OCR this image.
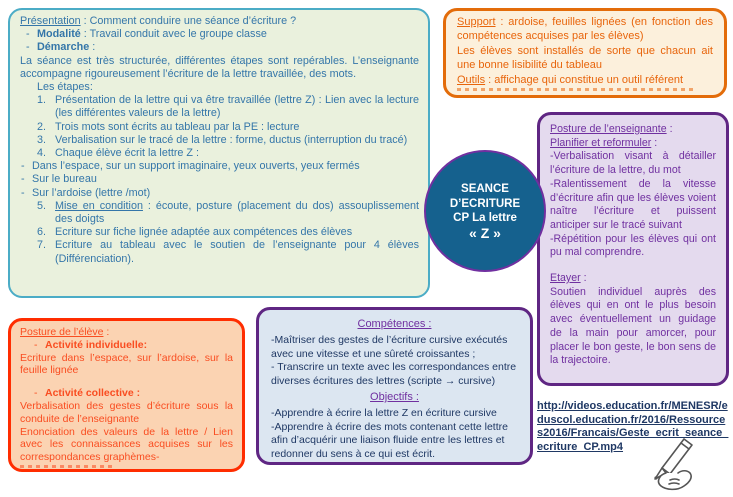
Présentation : Comment conduire une séance d’écriture ?
- Modalité : Travail conduit avec le groupe classe
- Démarche :
La séance est très structurée, différentes étapes sont repérables. L’enseignante accompagne rigoureusement l’écriture de la lettre travaillée, des mots.
Les étapes:
1. Présentation de la lettre qui va être travaillée (lettre Z) : Lien avec la lecture (les différentes valeurs de la lettre)
2. Trois mots sont écrits au tableau par la PE : lecture
3. Verbalisation sur le tracé de la lettre : forme, ductus (interruption du tracé)
4. Chaque élève écrit la lettre Z :
- Dans l’espace, sur un support imaginaire, yeux ouverts, yeux fermés
- Sur le bureau
- Sur l’ardoise (lettre /mot)
5. Mise en condition : écoute, posture (placement du dos) assouplissement des doigts
6. Ecriture sur fiche lignée adaptée aux compétences des élèves
7. Ecriture au tableau avec le soutien de l’enseignante pour 4 élèves (Différenciation).
Support : ardoise, feuilles lignées (en fonction des compétences acquises par les élèves)
Les élèves sont installés de sorte que chacun ait une bonne lisibilité du tableau
Outils : affichage qui constitue un outil référent
Posture de l’enseignante :
Planifier et reformuler :
-Verbalisation visant à détailler l’écriture de la lettre, du mot
-Ralentissement de la vitesse d’écriture afin que les élèves voient naître l’écriture et puissent anticiper sur le tracé suivant
-Répétition pour les élèves qui ont pu mal comprendre.
Etayer :
Soutien individuel auprès des élèves qui en ont le plus besoin avec éventuellement un guidage de la main pour amorcer, pour placer le bon geste, le bon sens de la trajectoire.
SEANCE
D’ECRITURE
CP La lettre
« Z »
Posture de l’élève :
- Activité individuelle:
Ecriture dans l’espace, sur l’ardoise, sur la feuille lignée
- Activité collective :
Verbalisation des gestes d’écriture sous la conduite de l’enseignante
Enonciation des valeurs de la lettre / Lien avec les connaissances acquises sur les correspondances graphèmes-
Compétences :
-Maîtriser des gestes de l’écriture cursive exécutés avec une vitesse et une sûreté croissantes ;
- Transcrire un texte avec les correspondances entre diverses écritures des lettres (scripte → cursive)
Objectifs :
-Apprendre à écrire la lettre Z en écriture cursive
-Apprendre à écrire des mots contenant cette lettre afin d’acquérir une liaison fluide entre les lettres et redonner du sens à ce qui est écrit.
http://videos.education.fr/MENESR/eduscol.education.fr/2016/Ressources2016/Francais/Geste_ecrit_seance_ecriture_CP.mp4
